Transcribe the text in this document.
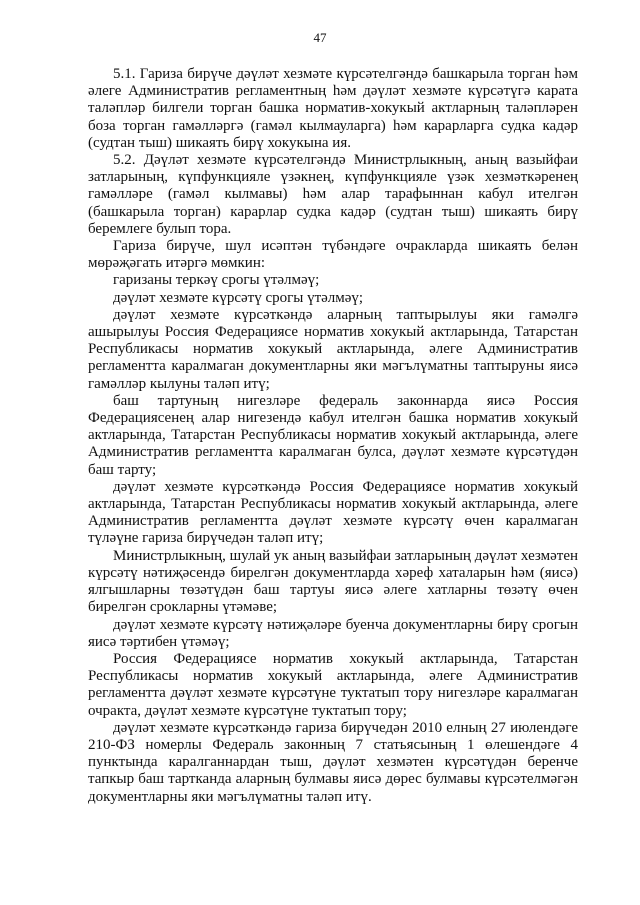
47

5.1. Гариза бирүче дәүләт хезмәте күрсәтелгәндә башкарыла торган һәм әлеге Административ регламентның һәм дәүләт хезмәте күрсәтүгә карата таләпләр билгели торган башка норматив-хокукый актларның таләпләрен боза торган гамәлләргә (гамәл кылмауларга) һәм карарларга судка кадәр (судтан тыш) шикаять бирү хокукына ия.

5.2. Дәүләт хезмәте күрсәтелгәндә Министрлыкның, аның вазыйфаи затларының, күпфункцияле үзәкнең, күпфункцияле үзәк хезмәткәренең гамәлләре (гамәл кылмавы) һәм алар тарафыннан кабул ителгән (башкарыла торган) карарлар судка кадәр (судтан тыш) шикаять бирү беремлеге булып тора.

Гариза бирүче, шул исәптән түбәндәге очракларда шикаять белән мөрәҗәгать итәргә мөмкин:

гаризаны теркәү срогы үтәлмәү;

дәүләт хезмәте күрсәтү срогы үтәлмәү;

дәүләт хезмәте күрсәткәндә аларның таптырылуы яки гамәлгә ашырылуы Россия Федерациясе норматив хокукый актларында, Татарстан Республикасы норматив хокукый актларында, әлеге Административ регламентта каралмаган документларны яки мәгълүматны таптыруны яисә гамәлләр кылуны таләп итү;

баш тартуның нигезләре федераль законнарда яисә Россия Федерациясенең алар нигезендә кабул ителгән башка норматив хокукый актларында, Татарстан Республикасы норматив хокукый актларында, әлеге Административ регламентта каралмаган булса, дәүләт хезмәте күрсәтүдән баш тарту;

дәүләт хезмәте күрсәткәндә Россия Федерациясе норматив хокукый актларында, Татарстан Республикасы норматив хокукый актларында, әлеге Административ регламентта дәүләт хезмәте күрсәтү өчен каралмаган түләүне гариза бирүчедән таләп итү;

Министрлыкның, шулай ук аның вазыйфаи затларының дәүләт хезмәтен күрсәтү нәтиҗәсендә бирелгән документларда хәреф хаталарын һәм (яисә) ялгышларны төзәтүдән баш тартуы яисә әлеге хатларны төзәтү өчен бирелгән срокларны үтәмәве;

дәүләт хезмәте күрсәтү нәтиҗәләре буенча документларны бирү срогын яисә тәртибен үтәмәү;

Россия Федерациясе норматив хокукый актларында, Татарстан Республикасы норматив хокукый актларында, әлеге Административ регламентта дәүләт хезмәте күрсәтүне туктатып тору нигезләре каралмаган очракта, дәүләт хезмәте күрсәтүне туктатып тору;

дәүләт хезмәте күрсәткәндә гариза бирүчедән 2010 елның 27 июлендәге 210-ФЗ номерлы Федераль законның 7 статьясының 1 өлешендәге 4 пунктында каралганнардан тыш, дәүләт хезмәтен күрсәтүдән беренче тапкыр баш тартканда аларның булмавы яисә дөрес булмавы күрсәтелмәгән документларны яки мәгълүматны таләп итү.
